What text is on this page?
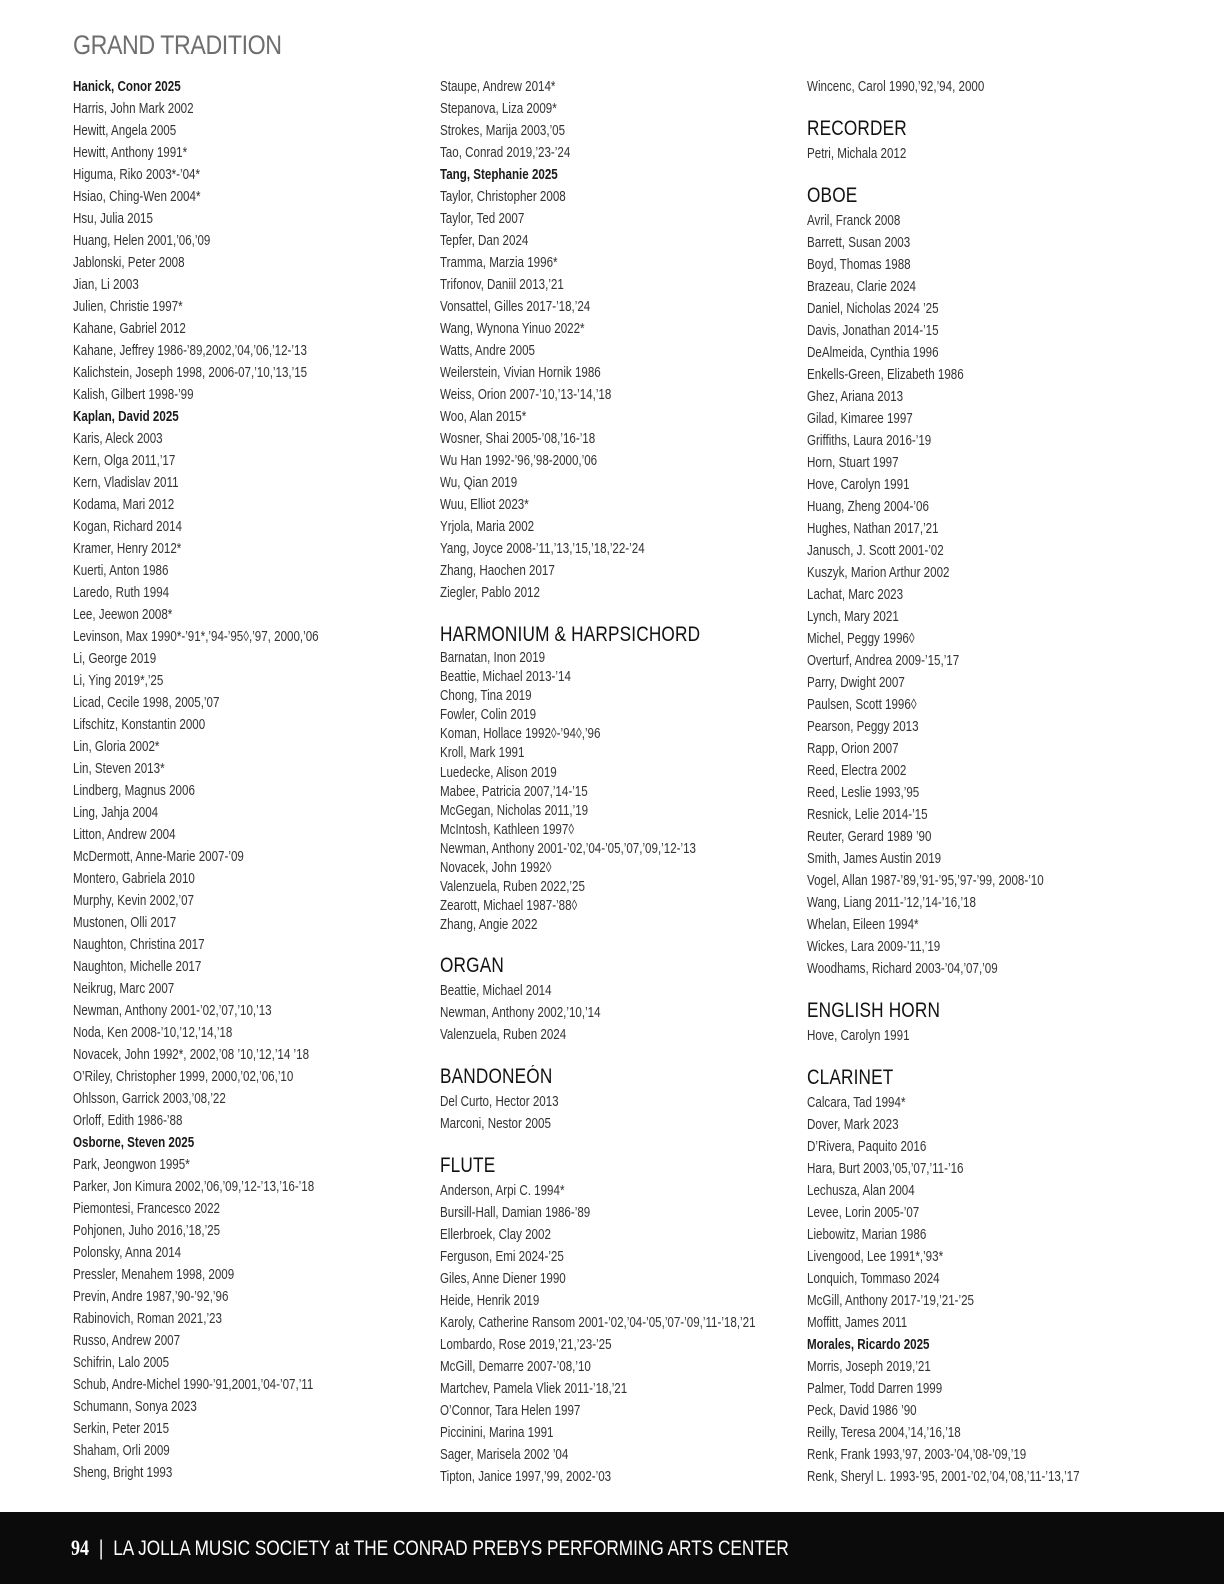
GRAND TRADITION
Hanick, Conor 2025
Harris, John Mark 2002
Hewitt, Angela 2005
Hewitt, Anthony 1991*
Higuma, Riko 2003*-’04*
Hsiao, Ching-Wen 2004*
Hsu, Julia 2015
Huang, Helen 2001,’06,’09
Jablonski, Peter 2008
Jian, Li 2003
Julien, Christie 1997*
Kahane, Gabriel 2012
Kahane, Jeffrey 1986-’89,2002,’04,’06,’12-’13
Kalichstein, Joseph 1998, 2006-07,’10,’13,’15
Kalish, Gilbert 1998-’99
Kaplan, David 2025
Karis, Aleck 2003
Kern, Olga 2011,’17
Kern, Vladislav 2011
Kodama, Mari 2012
Kogan, Richard 2014
Kramer, Henry 2012*
Kuerti, Anton 1986
Laredo, Ruth 1994
Lee, Jeewon 2008*
Levinson, Max 1990*-’91*,’94-’95◊,’97, 2000,’06
Li, George 2019
Li, Ying 2019*,’25
Licad, Cecile 1998, 2005,’07
Lifschitz, Konstantin 2000
Lin, Gloria 2002*
Lin, Steven 2013*
Lindberg, Magnus 2006
Ling, Jahja 2004
Litton, Andrew 2004
McDermott, Anne-Marie 2007-’09
Montero, Gabriela 2010
Murphy, Kevin 2002,’07
Mustonen, Olli 2017
Naughton, Christina 2017
Naughton, Michelle 2017
Neikrug, Marc 2007
Newman, Anthony 2001-’02,’07,’10,’13
Noda, Ken 2008-’10,’12,’14,’18
Novacek, John 1992*, 2002,’08 ’10,’12,’14 ’18
O’Riley, Christopher 1999, 2000,’02,’06,’10
Ohlsson, Garrick 2003,’08,’22
Orloff, Edith 1986-’88
Osborne, Steven 2025
Park, Jeongwon 1995*
Parker, Jon Kimura 2002,’06,’09,’12-’13,’16-’18
Piemontesi, Francesco 2022
Pohjonen, Juho 2016,’18,’25
Polonsky, Anna 2014
Pressler, Menahem 1998, 2009
Previn, Andre 1987,’90-’92,’96
Rabinovich, Roman 2021,’23
Russo, Andrew 2007
Schifrin, Lalo 2005
Schub, Andre-Michel 1990-’91,2001,’04-’07,’11
Schumann, Sonya 2023
Serkin, Peter 2015
Shaham, Orli 2009
Sheng, Bright 1993
Staupe, Andrew 2014*
Stepanova, Liza 2009*
Strokes, Marija 2003,’05
Tao, Conrad 2019,’23-’24
Tang, Stephanie 2025
Taylor, Christopher 2008
Taylor, Ted 2007
Tepfer, Dan 2024
Tramma, Marzia 1996*
Trifonov, Daniil 2013,’21
Vonsattel, Gilles 2017-’18,’24
Wang, Wynona Yinuo 2022*
Watts, Andre 2005
Weilerstein, Vivian Hornik 1986
Weiss, Orion 2007-’10,’13-’14,’18
Woo, Alan 2015*
Wosner, Shai 2005-’08,’16-’18
Wu Han 1992-’96,’98-2000,’06
Wu, Qian 2019
Wuu, Elliot 2023*
Yrjola, Maria 2002
Yang, Joyce 2008-’11,’13,’15,’18,’22-’24
Zhang, Haochen 2017
Ziegler, Pablo 2012
HARMONIUM & HARPSICHORD
Barnatan, Inon 2019
Beattie, Michael 2013-’14
Chong, Tina 2019
Fowler, Colin 2019
Koman, Hollace 1992◊-’94◊,’96
Kroll, Mark 1991
Luedecke, Alison 2019
Mabee, Patricia 2007,’14-’15
McGegan, Nicholas 2011,’19
McIntosh, Kathleen 1997◊
Newman, Anthony 2001-’02,’04-’05,’07,’09,’12-’13
Novacek, John 1992◊
Valenzuela, Ruben 2022,’25
Zearott, Michael 1987-’88◊
Zhang, Angie 2022
ORGAN
Beattie, Michael 2014
Newman, Anthony 2002,’10,’14
Valenzuela, Ruben 2024
BANDONEÓN
Del Curto, Hector 2013
Marconi, Nestor 2005
FLUTE
Anderson, Arpi C. 1994*
Bursill-Hall, Damian 1986-’89
Ellerbroek, Clay 2002
Ferguson, Emi 2024-’25
Giles, Anne Diener 1990
Heide, Henrik 2019
Karoly, Catherine Ransom 2001-’02,’04-’05,’07-’09,’11-’18,’21
Lombardo, Rose 2019,’21,’23-’25
McGill, Demarre 2007-’08,’10
Martchev, Pamela Vliek 2011-’18,’21
O’Connor, Tara Helen 1997
Piccinini, Marina 1991
Sager, Marisela 2002 ’04
Tipton, Janice 1997,’99, 2002-’03
Wincenc, Carol 1990,’92,’94, 2000
RECORDER
Petri, Michala 2012
OBOE
Avril, Franck 2008
Barrett, Susan 2003
Boyd, Thomas 1988
Brazeau, Clarie 2024
Daniel, Nicholas 2024 ’25
Davis, Jonathan 2014-’15
DeAlmeida, Cynthia 1996
Enkells-Green, Elizabeth 1986
Ghez, Ariana 2013
Gilad, Kimaree 1997
Griffiths, Laura 2016-’19
Horn, Stuart 1997
Hove, Carolyn 1991
Huang, Zheng 2004-’06
Hughes, Nathan 2017,’21
Janusch, J. Scott 2001-’02
Kuszyk, Marion Arthur 2002
Lachat, Marc 2023
Lynch, Mary 2021
Michel, Peggy 1996◊
Overturf, Andrea 2009-’15,’17
Parry, Dwight 2007
Paulsen, Scott 1996◊
Pearson, Peggy 2013
Rapp, Orion 2007
Reed, Electra 2002
Reed, Leslie 1993,’95
Resnick, Lelie 2014-’15
Reuter, Gerard 1989 ’90
Smith, James Austin 2019
Vogel, Allan 1987-’89,’91-’95,’97-’99, 2008-’10
Wang, Liang 2011-’12,’14-’16,’18
Whelan, Eileen 1994*
Wickes, Lara 2009-’11,’19
Woodhams, Richard 2003-’04,’07,’09
ENGLISH HORN
Hove, Carolyn 1991
CLARINET
Calcara, Tad 1994*
Dover, Mark 2023
D’Rivera, Paquito 2016
Hara, Burt 2003,’05,’07,’11-’16
Lechusza, Alan 2004
Levee, Lorin 2005-’07
Liebowitz, Marian 1986
Livengood, Lee 1991*,’93*
Lonquich, Tommaso 2024
McGill, Anthony 2017-’19,’21-’25
Moffitt, James 2011
Morales, Ricardo 2025
Morris, Joseph 2019,’21
Palmer, Todd Darren 1999
Peck, David 1986 ’90
Reilly, Teresa 2004,’14,’16,’18
Renk, Frank 1993,’97, 2003-’04,’08-’09,’19
Renk, Sheryl L. 1993-’95, 2001-’02,’04,’08,’11-’13,’17
94 | LA JOLLA MUSIC SOCIETY at THE CONRAD PREBYS PERFORMING ARTS CENTER
